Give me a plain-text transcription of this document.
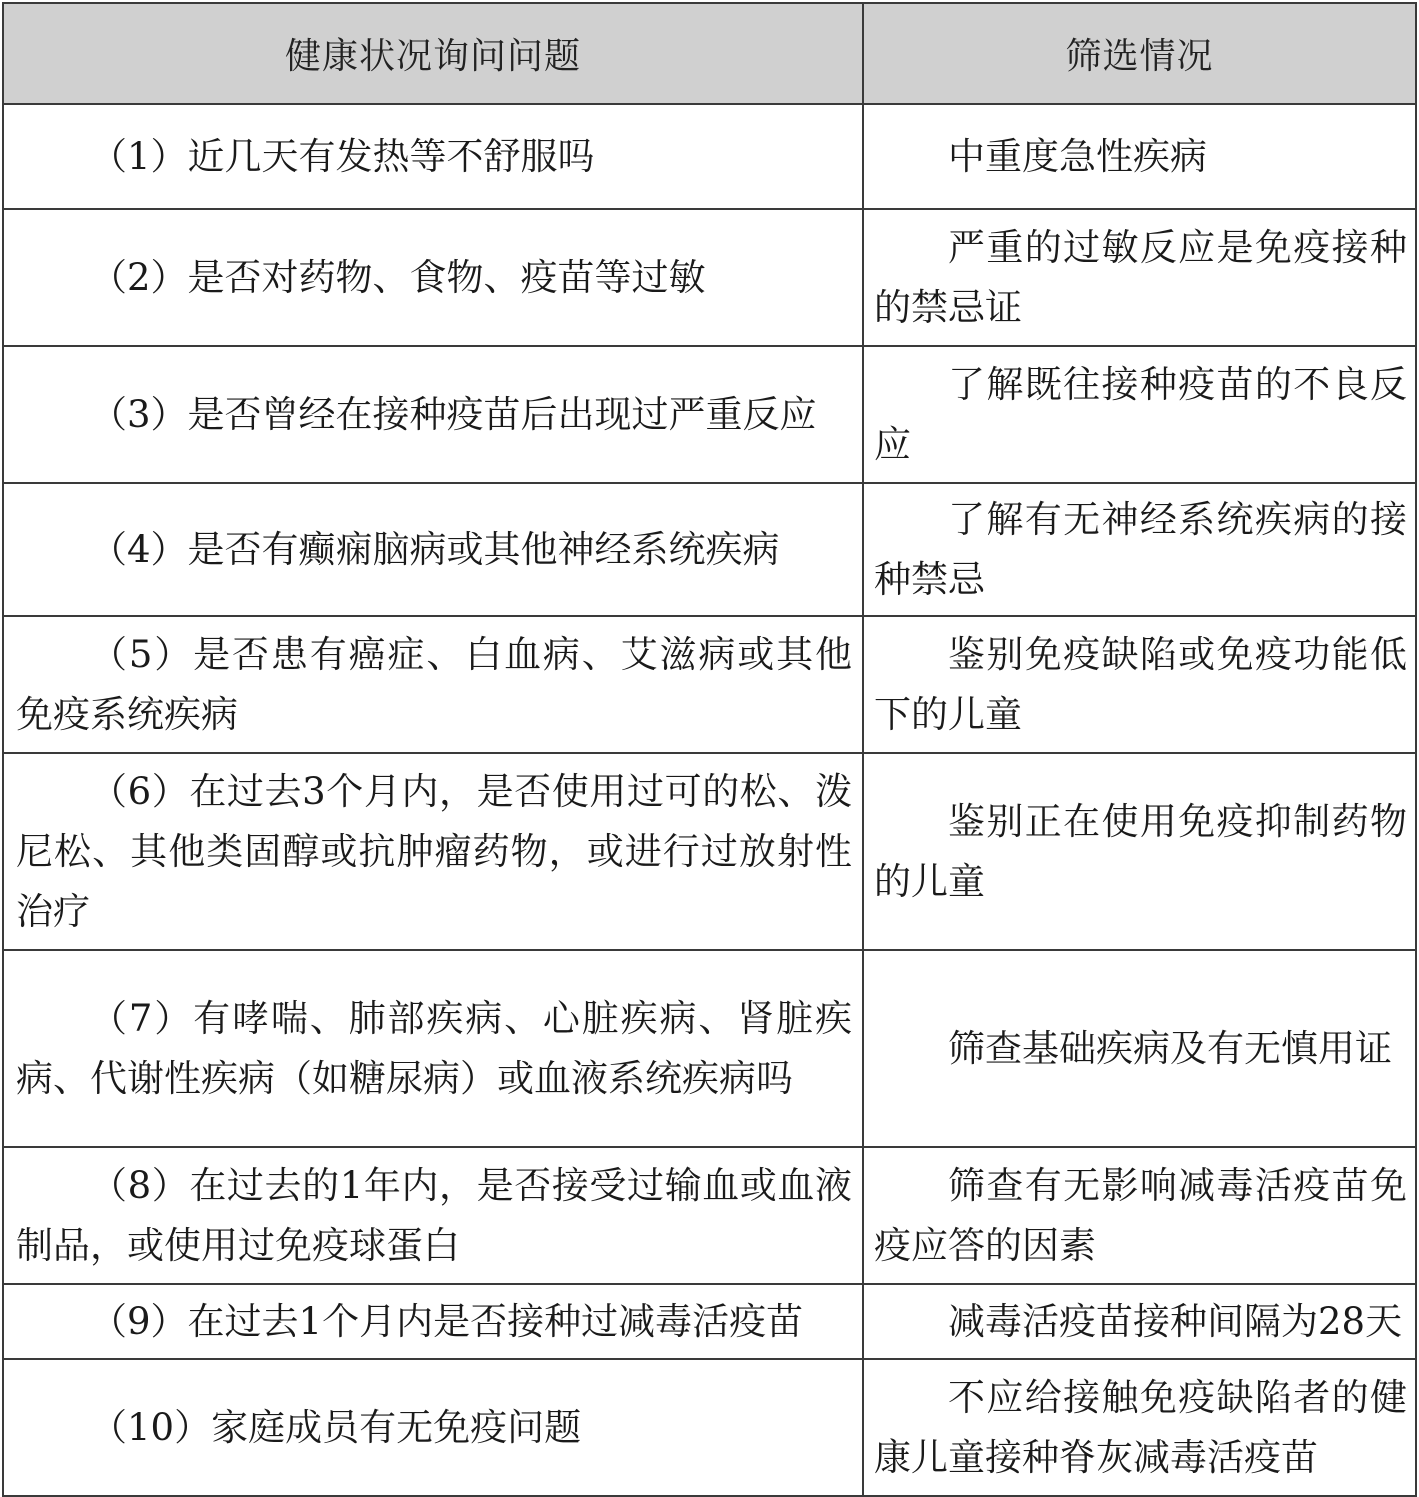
健康状况询问问题	筛选情况

（1）近几天有发热等不舒服吗	中重度急性疾病

（2）是否对药物、食物、疫苗等过敏	严重的过敏反应是免疫接种的禁忌证

（3）是否曾经在接种疫苗后出现过严重反应	了解既往接种疫苗的不良反应

（4）是否有癫痫脑病或其他神经系统疾病	了解有无神经系统疾病的接种禁忌

（5）是否患有癌症、白血病、艾滋病或其他免疫系统疾病	鉴别免疫缺陷或免疫功能低下的儿童

（6）在过去3个月内，是否使用过可的松、泼尼松、其他类固醇或抗肿瘤药物，或进行过放射性治疗	鉴别正在使用免疫抑制药物的儿童

（7）有哮喘、肺部疾病、心脏疾病、肾脏疾病、代谢性疾病（如糖尿病）或血液系统疾病吗	筛查基础疾病及有无慎用证

（8）在过去的1年内，是否接受过输血或血液制品，或使用过免疫球蛋白	筛查有无影响减毒活疫苗免疫应答的因素

（9）在过去1个月内是否接种过减毒活疫苗	减毒活疫苗接种间隔为28天

（10）家庭成员有无免疫问题	不应给接触免疫缺陷者的健康儿童接种脊灰减毒活疫苗
